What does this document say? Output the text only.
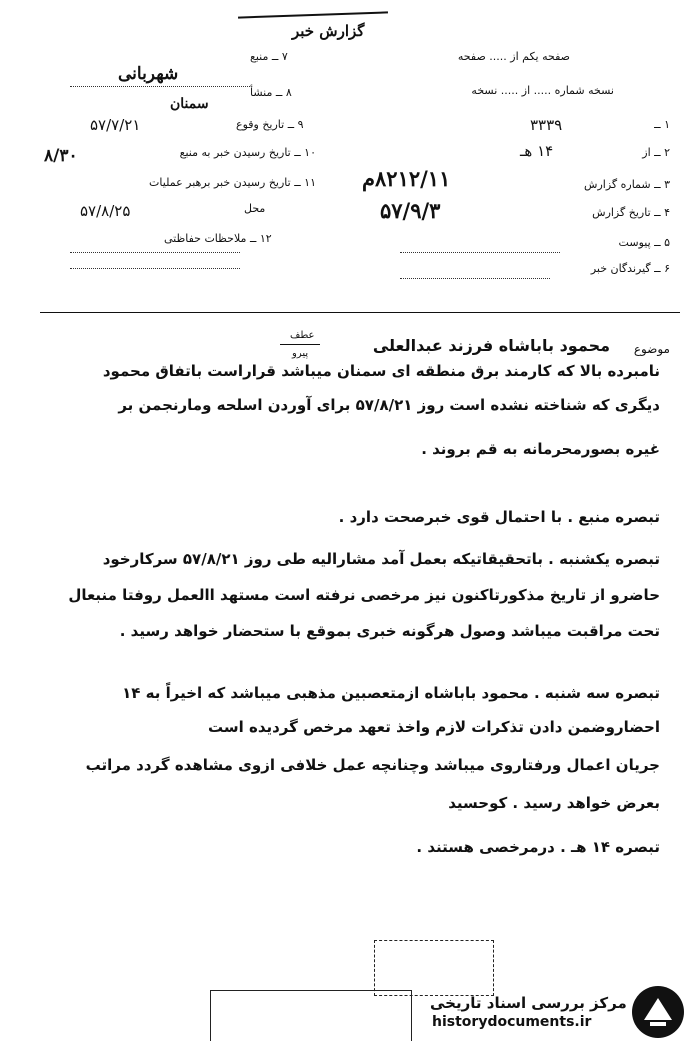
گزارش خبر
صفحه یکم از ..... صفحه
نسخه شماره ..... از ..... نسخه
۷ ــ منبع
شهربانی
۸ ــ منشأ
سمنان
۹ ــ تاریخ وقوع
۵۷/۷/۲۱
۱۰ ــ تاریخ رسیدن خبر به منبع
۸/۳۰
۱۱ ــ تاریخ رسیدن خبر برهبر عملیات
محل
۵۷/۸/۲۵
۱۲ ــ ملاحظات حفاظتی
۱ ــ
۳۳۳۹
۲ ــ از
۱۴ هـ
۳ ــ شماره گزارش
۸۲۱۲/۱۱م
۴ ــ تاریخ گزارش
۵۷/۹/۳
۵ ــ پیوست
۶ ــ گیرندگان خبر
موضوع
محمود باباشاه فرزند عبدالعلی
عطف
پیرو
نامبرده بالا که کارمند برق منطقه ای سمنان میباشد قراراست باتفاق محمود
دیگری که شناخته نشده است روز ۵۷/۸/۲۱ برای آوردن اسلحه ومارنجمن بر
غیره بصورمحرمانه به قم بروند .
تبصره منبع . با احتمال قوی خبرصحت دارد .
تبصره یکشنبه . باتحقیقاتیکه بعمل آمد مشارالیه طی روز ۵۷/۸/۲۱ سرکارخود
حاضرو از تاریخ مذکورتاکنون نیز مرخصی نرفته است مستهد االعمل روفتا منبعال
تحت مراقبت میباشد وصول هرگونه خبری بموقع با ستحضار خواهد رسید .
تبصره سه شنبه . محمود باباشاه ازمتعصبین مذهبی میباشد که اخیراً به ۱۴
احضاروضمن دادن تذکرات لازم واخذ تعهد مرخص گردیده است
جریان اعمال ورفتاروی میباشد وچنانچه عمل خلافی ازوی مشاهده گردد مراتب
بعرض خواهد رسید . کوحسید
تبصره ۱۴ هـ . درمرخصی هستند .
مرکز بررسی اسناد تاریخی
historydocuments.ir
